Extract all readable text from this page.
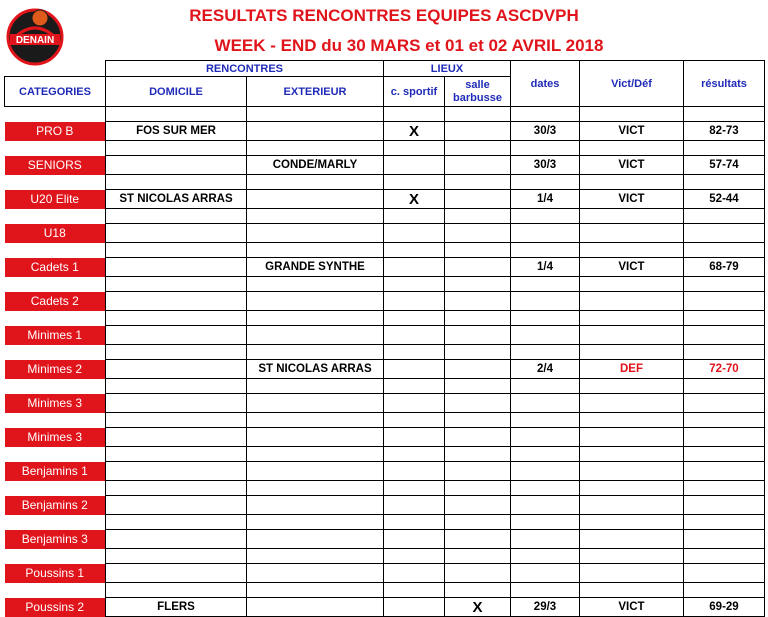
DENAIN
RESULTATS RENCONTRES EQUIPES ASCDVPH
WEEK - END du 30 MARS et 01 et 02 AVRIL 2018
	RENCONTRES		LIEUX		dates	Vict/Déf	résultats
CATEGORIES	DOMICILE	EXTERIEUR	c. sportif	salle barbusse			

PRO B	FOS SUR MER		X		30/3	VICT	82-73

SENIORS		CONDE/MARLY			30/3	VICT	57-74

U20 Elite	ST NICOLAS ARRAS		X		1/4	VICT	52-44

U18							

Cadets 1		GRANDE SYNTHE			1/4	VICT	68-79

Cadets 2							

Minimes 1							

Minimes 2		ST NICOLAS ARRAS			2/4	DEF	72-70

Minimes 3							

Minimes 3							

Benjamins 1							

Benjamins 2							

Benjamins 3							

Poussins 1							

Poussins 2	FLERS			X	29/3	VICT	69-29
